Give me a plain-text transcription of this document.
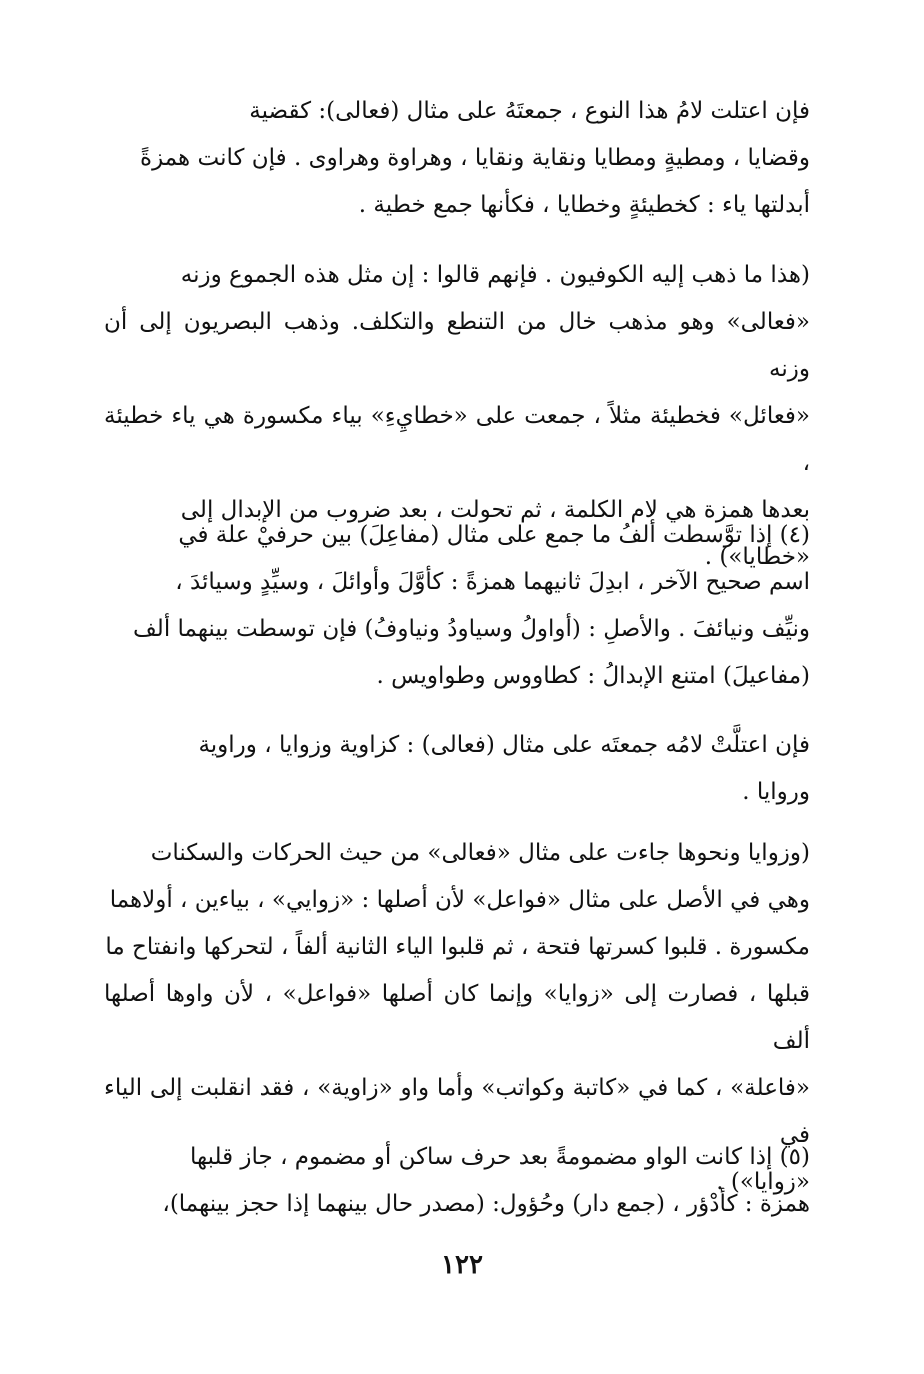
فإن اعتلت لامُ هذا النوع ، جمعتَهُ على مثال (فعالى): كقضية

وقضايا ، ومطيةٍ ومطايا ونقاية ونقايا ، وهراوة وهراوى . فإن كانت همزةً

أبدلتها ياء : كخطيئةٍ وخطايا ، فكأنها جمع خطية .

(هذا ما ذهب إليه الكوفيون . فإنهم قالوا : إن مثل هذه الجموع وزنه

«فعالى» وهو مذهب خال من التنطع والتكلف. وذهب البصريون إلى أن وزنه

«فعائل» فخطيئة مثلاً ، جمعت على «خطايِءِ» بياء مكسورة هي ياء خطيئة ،

بعدها همزة هي لام الكلمة ، ثم تحولت ، بعد ضروب من الإبدال إلى

«خطايا») .

(٤) إذا توَّسطت ألفُ ما جمع على مثال (مفاعِلَ) بين حرفيْ علة في

اسم صحيح الآخر ، ابدِلَ ثانيهما همزةً : كأوَّلَ وأوائلَ ، وسيِّدٍ وسيائدَ ،

ونيِّف ونيائفَ . والأصلِ : (أواولُ وسياودُ ونياوفُ) فإن توسطت بينهما ألف

(مفاعيلَ) امتنع الإبدالُ : كطاووس وطواويس .

فإن اعتلَّتْ لامُه جمعتَه على مثال (فعالى) : كزاوية وزوايا ، وراوية

وروايا .

(وزوايا ونحوها جاءت على مثال «فعالى» من حيث الحركات والسكنات

وهي في الأصل على مثال «فواعل» لأن أصلها : «زوايي» ، بياءين ، أولاهما

مكسورة . قلبوا كسرتها فتحة ، ثم قلبوا الياء الثانية ألفاً ، لتحركها وانفتاح ما

قبلها ، فصارت إلى «زوايا» وإنما كان أصلها «فواعل» ، لأن واوها أصلها ألف

«فاعلة» ، كما في «كاتبة وكواتب» وأما واو «زاوية» ، فقد انقلبت إلى الياء في

«زوايا») .

(٥) إذا كانت الواو مضمومةً بعد حرف ساكن أو مضموم ، جاز قلبها

همزة : كأدْؤر ، (جمع دار) وحُؤول: (مصدر حال بينهما إذا حجز بينهما)،

١٢٢
